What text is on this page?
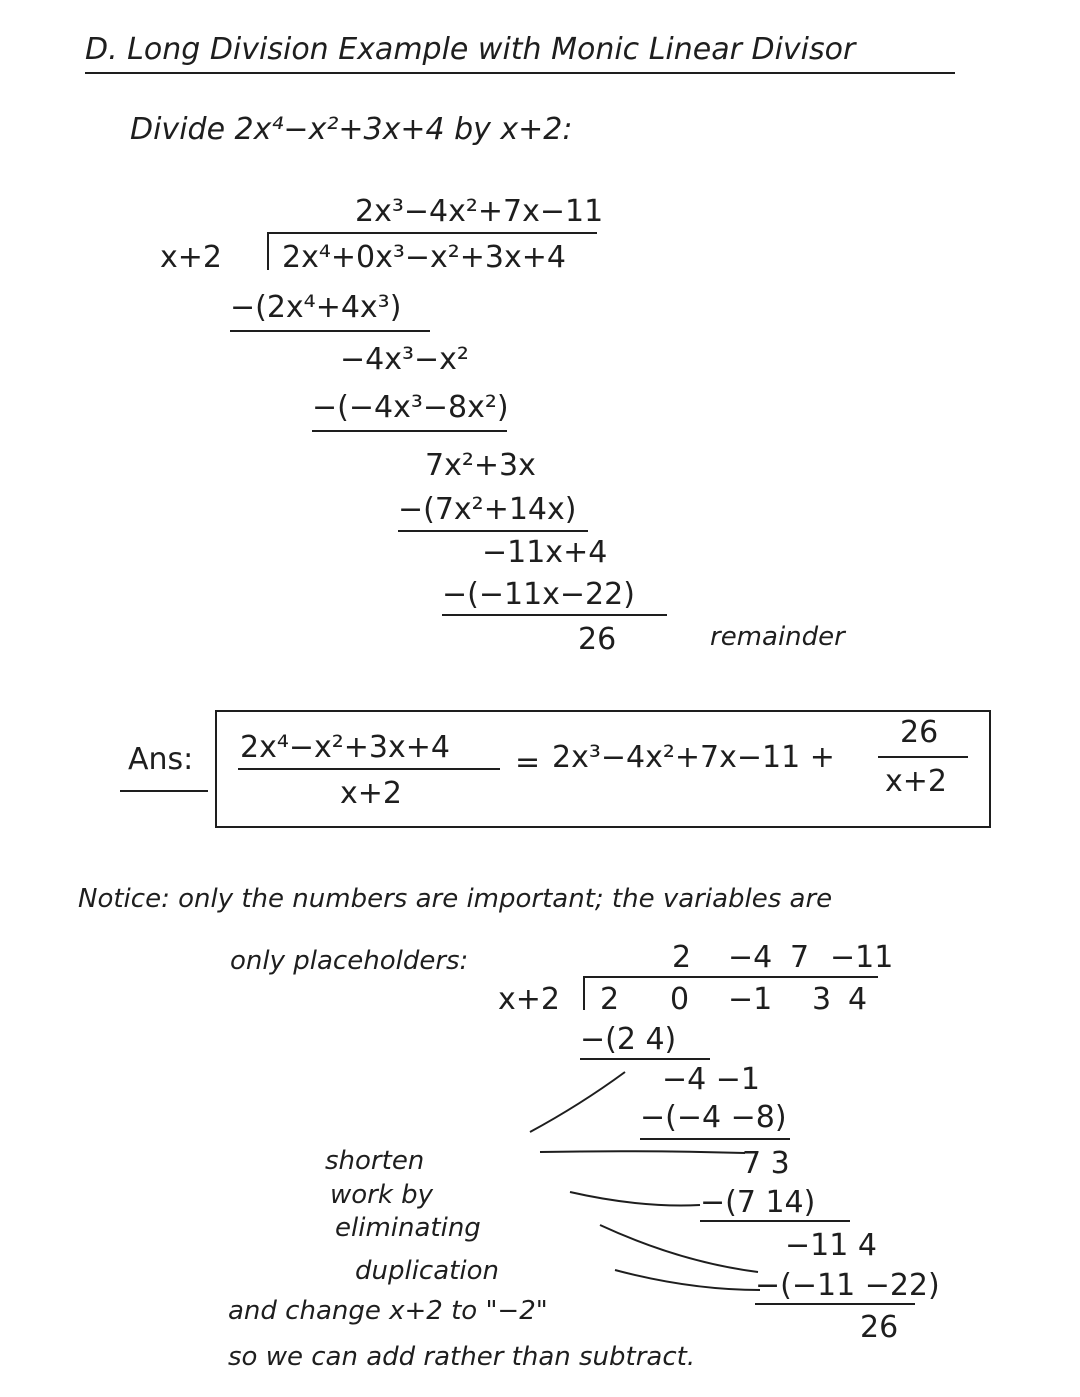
D. Long Division Example with Monic Linear Divisor
Divide 2x⁴−x²+3x+4 by x+2:
2x³−4x²+7x−11
x+2 2x⁴+0x³−x²+3x+4
−(2x⁴+4x³)
−4x³−x²
−(−4x³−8x²)
7x²+3x
−(7x²+14x)
−11x+4
−(−11x−22)
26	remainder
Ans: 2x⁴−x²+3x+4
x+2
= 2x³−4x²+7x−11 +
26
x+2
Notice: only the numbers are important; the variables are
only placeholders:	2 −4 7 −11
x+2 2 0 −1 3 4
−(2 4)
−4 −1
−(−4 −8)
7 3
−(7 14)
−11 4
−(−11 −22)
26
shorten
work by
eliminating
duplication
and change x+2 to "−2"
so we can add rather than subtract.
